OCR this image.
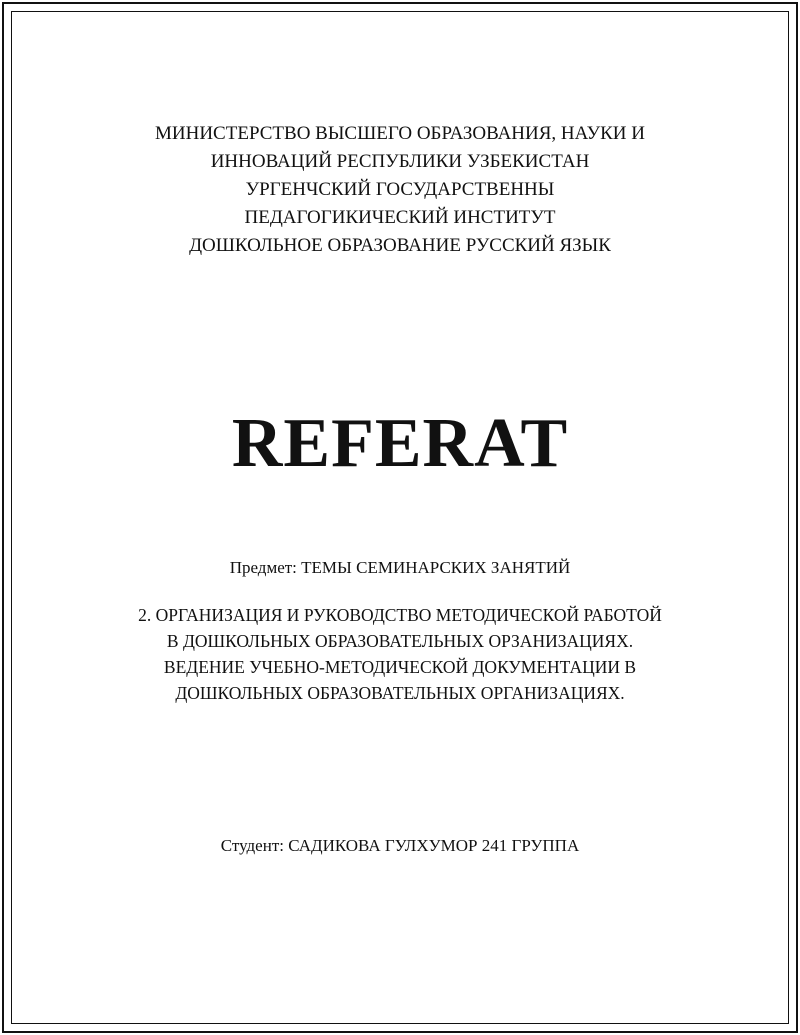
МИНИСТЕРСТВО ВЫСШЕГО ОБРАЗОВАНИЯ, НАУКИ И
ИННОВАЦИЙ РЕСПУБЛИКИ УЗБЕКИСТАН
УРГЕНЧСКИЙ ГОСУДАРСТВЕННЫ
ПЕДАГОГИКИЧЕСКИЙ ИНСТИТУТ
ДОШКОЛЬНОЕ ОБРАЗОВАНИЕ РУССКИЙ ЯЗЫК
REFERAT
Предмет: ТЕМЫ СЕМИНАРСКИХ ЗАНЯТИЙ
2. ОРГАНИЗАЦИЯ И РУКОВОДСТВО МЕТОДИЧЕСКОЙ РАБОТОЙ
В ДОШКОЛЬНЫХ ОБРАЗОВАТЕЛЬНЫХ ОРЗАНИЗАЦИЯХ.
ВЕДЕНИЕ УЧЕБНО-МЕТОДИЧЕСКОЙ ДОКУМЕНТАЦИИ В
ДОШКОЛЬНЫХ ОБРАЗОВАТЕЛЬНЫХ ОРГАНИЗАЦИЯХ.
Студент: САДИКОВА ГУЛХУМОР 241 ГРУППА
